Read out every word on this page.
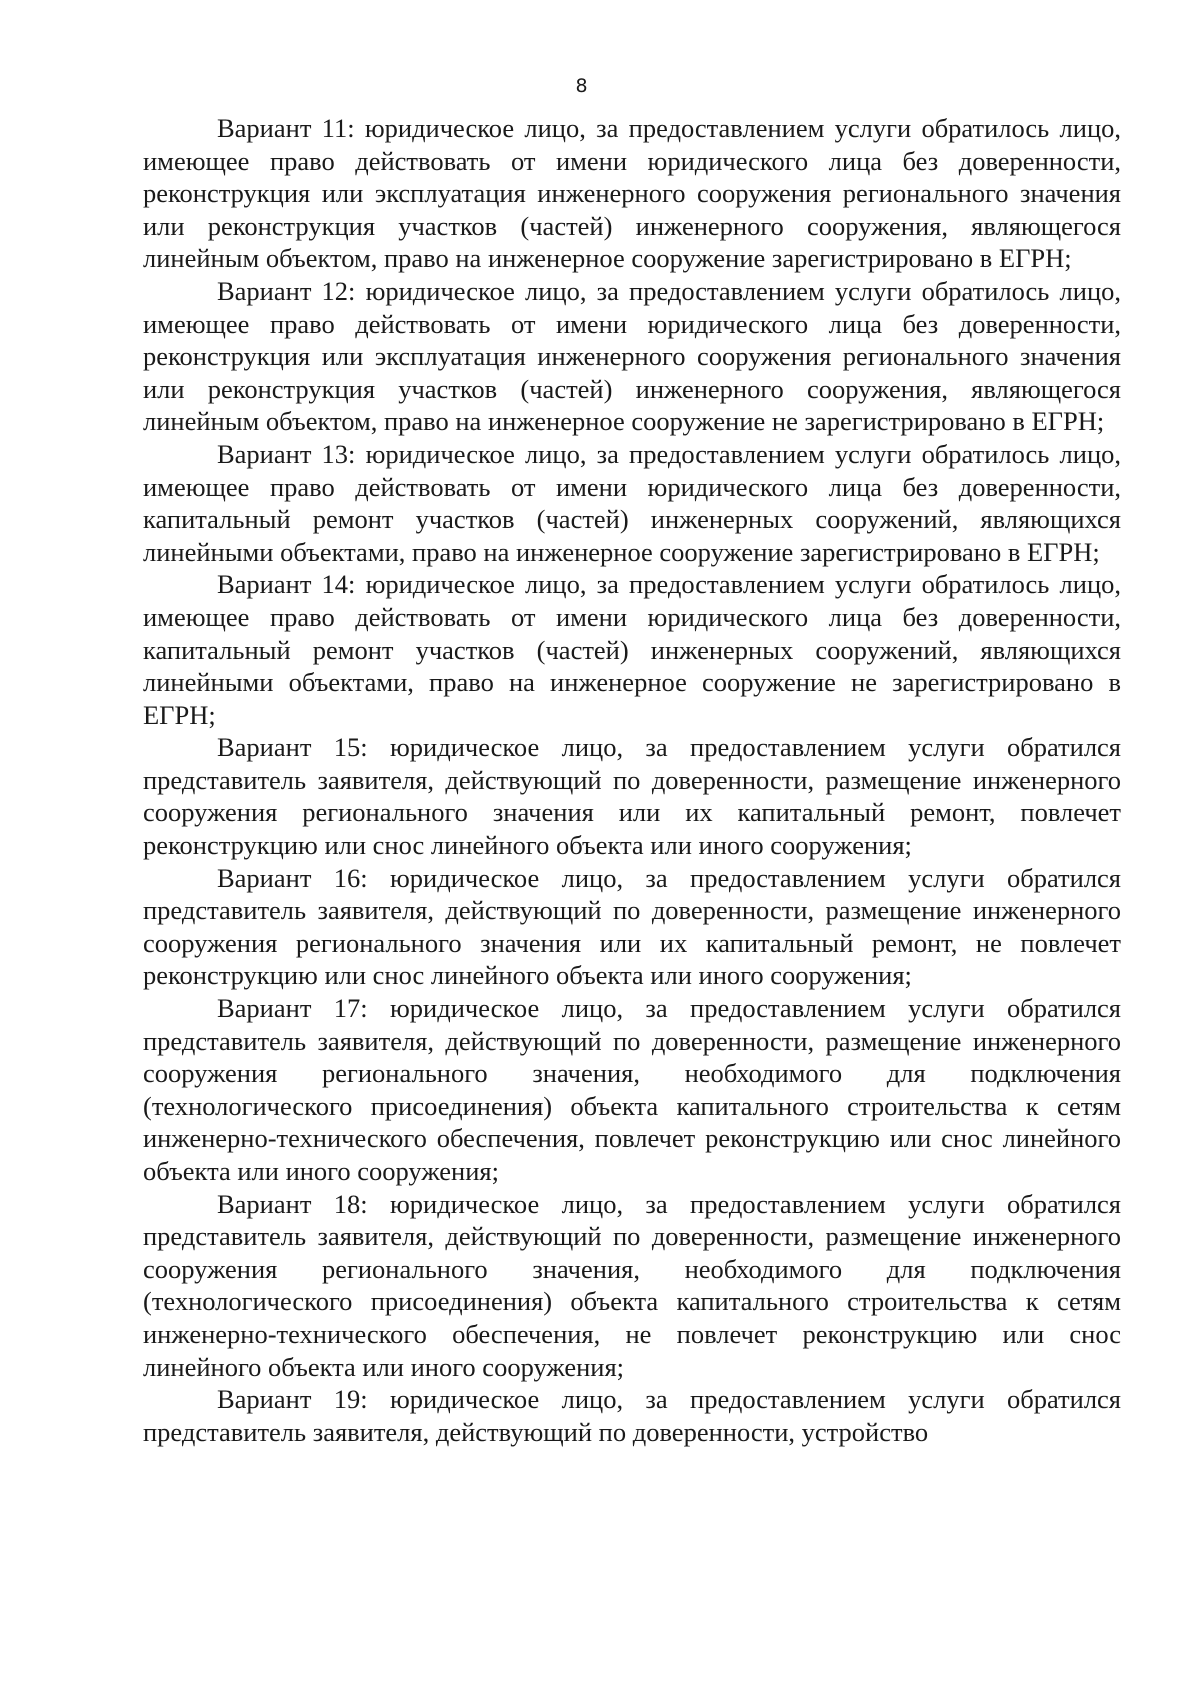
8

Вариант 11: юридическое лицо, за предоставлением услуги обратилось лицо, имеющее право действовать от имени юридического лица без доверенности, реконструкция или эксплуатация инженерного сооружения регионального значения или реконструкция участков (частей) инженерного сооружения, являющегося линейным объектом, право на инженерное сооружение зарегистрировано в ЕГРН;

Вариант 12: юридическое лицо, за предоставлением услуги обратилось лицо, имеющее право действовать от имени юридического лица без доверенности, реконструкция или эксплуатация инженерного сооружения регионального значения или реконструкция участков (частей) инженерного сооружения, являющегося линейным объектом, право на инженерное сооружение не зарегистрировано в ЕГРН;

Вариант 13: юридическое лицо, за предоставлением услуги обратилось лицо, имеющее право действовать от имени юридического лица без доверенности, капитальный ремонт участков (частей) инженерных сооружений, являющихся линейными объектами, право на инженерное сооружение зарегистрировано в ЕГРН;

Вариант 14: юридическое лицо, за предоставлением услуги обратилось лицо, имеющее право действовать от имени юридического лица без доверенности, капитальный ремонт участков (частей) инженерных сооружений, являющихся линейными объектами, право на инженерное сооружение не зарегистрировано в ЕГРН;

Вариант 15: юридическое лицо, за предоставлением услуги обратился представитель заявителя, действующий по доверенности, размещение инженерного сооружения регионального значения или их капитальный ремонт, повлечет реконструкцию или снос линейного объекта или иного сооружения;

Вариант 16: юридическое лицо, за предоставлением услуги обратился представитель заявителя, действующий по доверенности, размещение инженерного сооружения регионального значения или их капитальный ремонт, не повлечет реконструкцию или снос линейного объекта или иного сооружения;

Вариант 17: юридическое лицо, за предоставлением услуги обратился представитель заявителя, действующий по доверенности, размещение инженерного сооружения регионального значения, необходимого для подключения (технологического присоединения) объекта капитального строительства к сетям инженерно-технического обеспечения, повлечет реконструкцию или снос линейного объекта или иного сооружения;

Вариант 18: юридическое лицо, за предоставлением услуги обратился представитель заявителя, действующий по доверенности, размещение инженерного сооружения регионального значения, необходимого для подключения (технологического присоединения) объекта капитального строительства к сетям инженерно-технического обеспечения, не повлечет реконструкцию или снос линейного объекта или иного сооружения;

Вариант 19: юридическое лицо, за предоставлением услуги обратился представитель заявителя, действующий по доверенности, устройство
